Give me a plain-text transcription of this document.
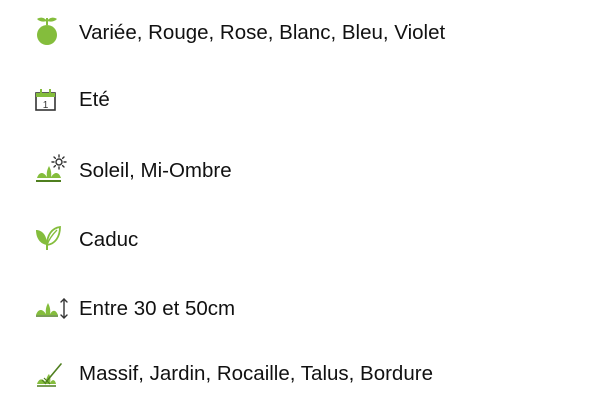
Variée, Rouge, Rose, Blanc, Bleu, Violet
1 Eté
Soleil, Mi-Ombre
Caduc
Entre 30 et 50cm
Massif, Jardin, Rocaille, Talus, Bordure
